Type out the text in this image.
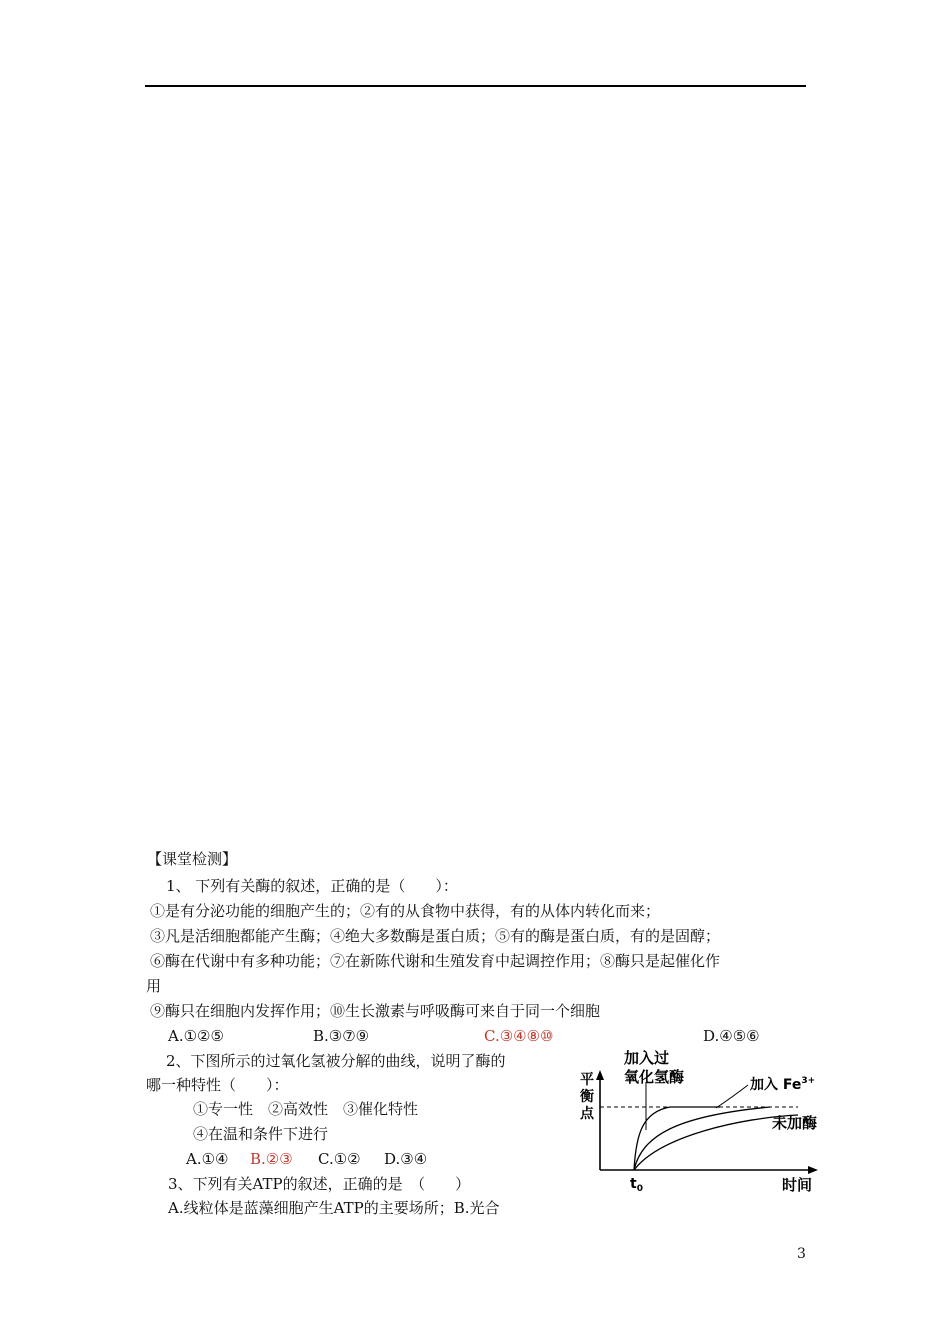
【课堂检测】
1、 下列有关酶的叙述，正确的是（　　）：
①是有分泌功能的细胞产生的；②有的从食物中获得，有的从体内转化而来；
③凡是活细胞都能产生酶；④绝大多数酶是蛋白质；⑤有的酶是蛋白质，有的是固醇；
⑥酶在代谢中有多种功能；⑦在新陈代谢和生殖发育中起调控作用；⑧酶只是起催化作
用
⑨酶只在细胞内发挥作用；⑩生长激素与呼吸酶可来自于同一个细胞
A.①②⑤	B.③⑦⑨	C.③④⑧⑩	D.④⑤⑥
2、下图所示的过氧化氢被分解的曲线，说明了酶的
哪一种特性（　　）：
①专一性　②高效性　③催化特性
④在温和条件下进行
A.①④ B.②③ C.①② D.③④
3、下列有关ATP的叙述，正确的是　（　　）
A.线粒体是蓝藻细胞产生ATP的主要场所；B.光合
平
衡
点
加入过
氧化氢酶	加入 $Fe^{3+}$
未加酶
$t_0$	时间
3
